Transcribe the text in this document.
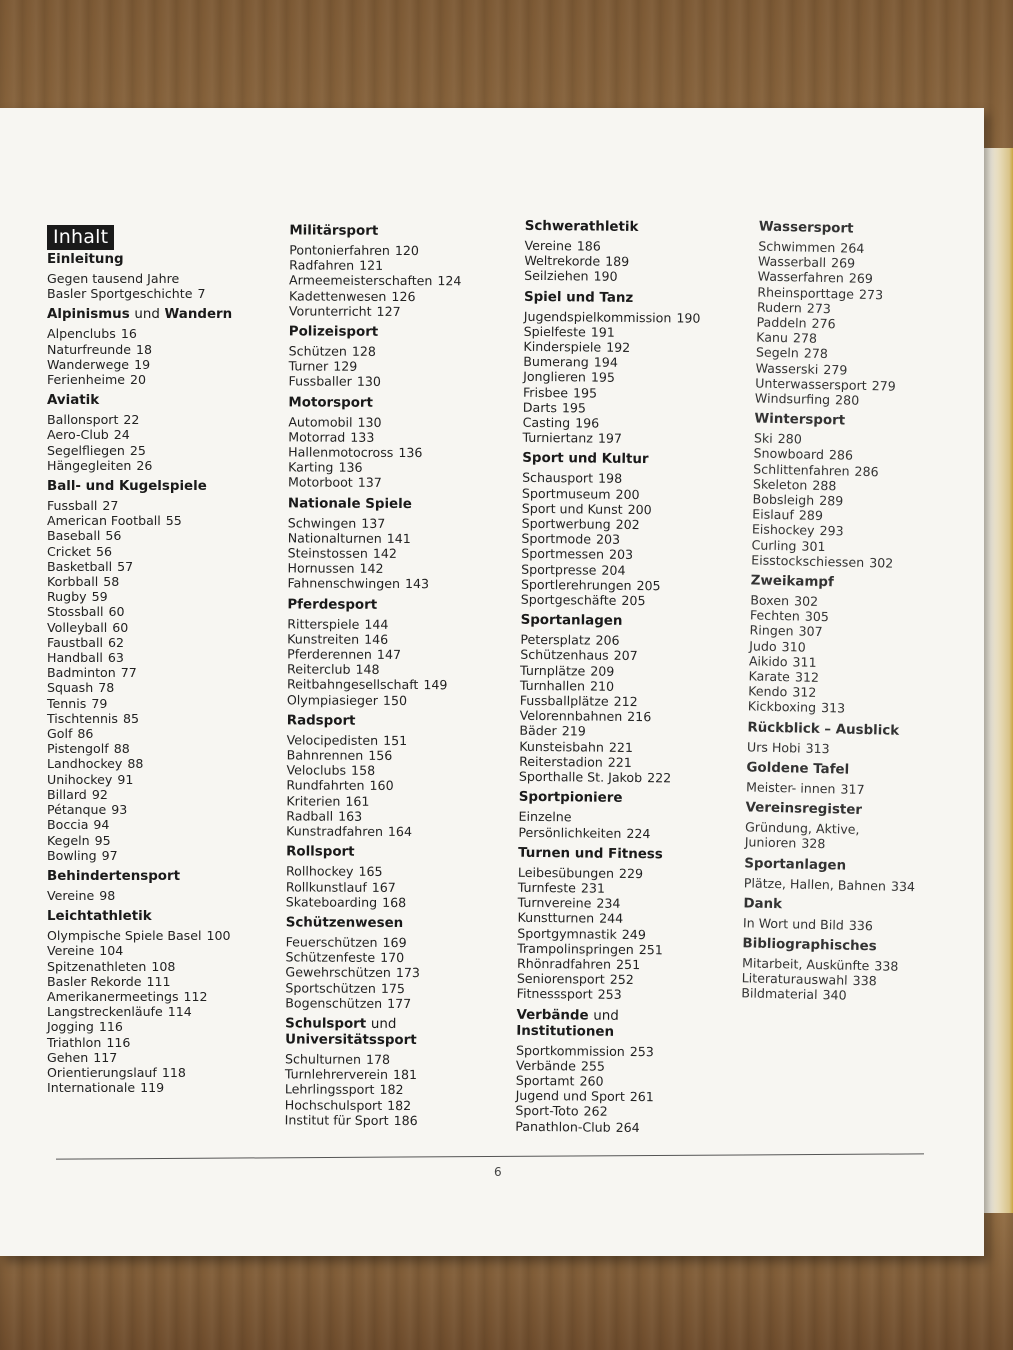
Inhalt
Einleitung
Gegen tausend Jahre
Basler Sportgeschichte 7
Alpinismus und Wandern
Alpenclubs 16
Naturfreunde 18
Wanderwege 19
Ferienheime 20
Aviatik
Ballonsport 22
Aero-Club 24
Segelfliegen 25
Hängegleiten 26
Ball- und Kugelspiele
Fussball 27
American Football 55
Baseball 56
Cricket 56
Basketball 57
Korbball 58
Rugby 59
Stossball 60
Volleyball 60
Faustball 62
Handball 63
Badminton 77
Squash 78
Tennis 79
Tischtennis 85
Golf 86
Pistengolf 88
Landhockey 88
Unihockey 91
Billard 92
Pétanque 93
Boccia 94
Kegeln 95
Bowling 97
Behindertensport
Vereine 98
Leichtathletik
Olympische Spiele Basel 100
Vereine 104
Spitzenathleten 108
Basler Rekorde 111
Amerikanermeetings 112
Langstreckenläufe 114
Jogging 116
Triathlon 116
Gehen 117
Orientierungslauf 118
Internationale 119
Militärsport
Pontonierfahren 120
Radfahren 121
Armeemeisterschaften 124
Kadettenwesen 126
Vorunterricht 127
Polizeisport
Schützen 128
Turner 129
Fussballer 130
Motorsport
Automobil 130
Motorrad 133
Hallenmotocross 136
Karting 136
Motorboot 137
Nationale Spiele
Schwingen 137
Nationalturnen 141
Steinstossen 142
Hornussen 142
Fahnenschwingen 143
Pferdesport
Ritterspiele 144
Kunstreiten 146
Pferderennen 147
Reiterclub 148
Reitbahngesellschaft 149
Olympiasieger 150
Radsport
Velocipedisten 151
Bahnrennen 156
Veloclubs 158
Rundfahrten 160
Kriterien 161
Radball 163
Kunstradfahren 164
Rollsport
Rollhockey 165
Rollkunstlauf 167
Skateboarding 168
Schützenwesen
Feuerschützen 169
Schützenfeste 170
Gewehrschützen 173
Sportschützen 175
Bogenschützen 177
Schulsport und
Universitätssport
Schulturnen 178
Turnlehrerverein 181
Lehrlingssport 182
Hochschulsport 182
Institut für Sport 186
Schwerathletik
Vereine 186
Weltrekorde 189
Seilziehen 190
Spiel und Tanz
Jugendspielkommission 190
Spielfeste 191
Kinderspiele 192
Bumerang 194
Jonglieren 195
Frisbee 195
Darts 195
Casting 196
Turniertanz 197
Sport und Kultur
Schausport 198
Sportmuseum 200
Sport und Kunst 200
Sportwerbung 202
Sportmode 203
Sportmessen 203
Sportpresse 204
Sportlerehrungen 205
Sportgeschäfte 205
Sportanlagen
Petersplatz 206
Schützenhaus 207
Turnplätze 209
Turnhallen 210
Fussballplätze 212
Velorennbahnen 216
Bäder 219
Kunsteisbahn 221
Reiterstadion 221
Sporthalle St. Jakob 222
Sportpioniere
Einzelne
Persönlichkeiten 224
Turnen und Fitness
Leibesübungen 229
Turnfeste 231
Turnvereine 234
Kunstturnen 244
Sportgymnastik 249
Trampolinspringen 251
Rhönradfahren 251
Seniorensport 252
Fitnesssport 253
Verbände und
Institutionen
Sportkommission 253
Verbände 255
Sportamt 260
Jugend und Sport 261
Sport-Toto 262
Panathlon-Club 264
Wassersport
Schwimmen 264
Wasserball 269
Wasserfahren 269
Rheinsporttage 273
Rudern 273
Paddeln 276
Kanu 278
Segeln 278
Wasserski 279
Unterwassersport 279
Windsurfing 280
Wintersport
Ski 280
Snowboard 286
Schlittenfahren 286
Skeleton 288
Bobsleigh 289
Eislauf 289
Eishockey 293
Curling 301
Eisstockschiessen 302
Zweikampf
Boxen 302
Fechten 305
Ringen 307
Judo 310
Aikido 311
Karate 312
Kendo 312
Kickboxing 313
Rückblick – Ausblick
Urs Hobi 313
Goldene Tafel
Meister- innen 317
Vereinsregister
Gründung, Aktive,
Junioren 328
Sportanlagen
Plätze, Hallen, Bahnen 334
Dank
In Wort und Bild 336
Bibliographisches
Mitarbeit, Auskünfte 338
Literaturauswahl 338
Bildmaterial 340
6
